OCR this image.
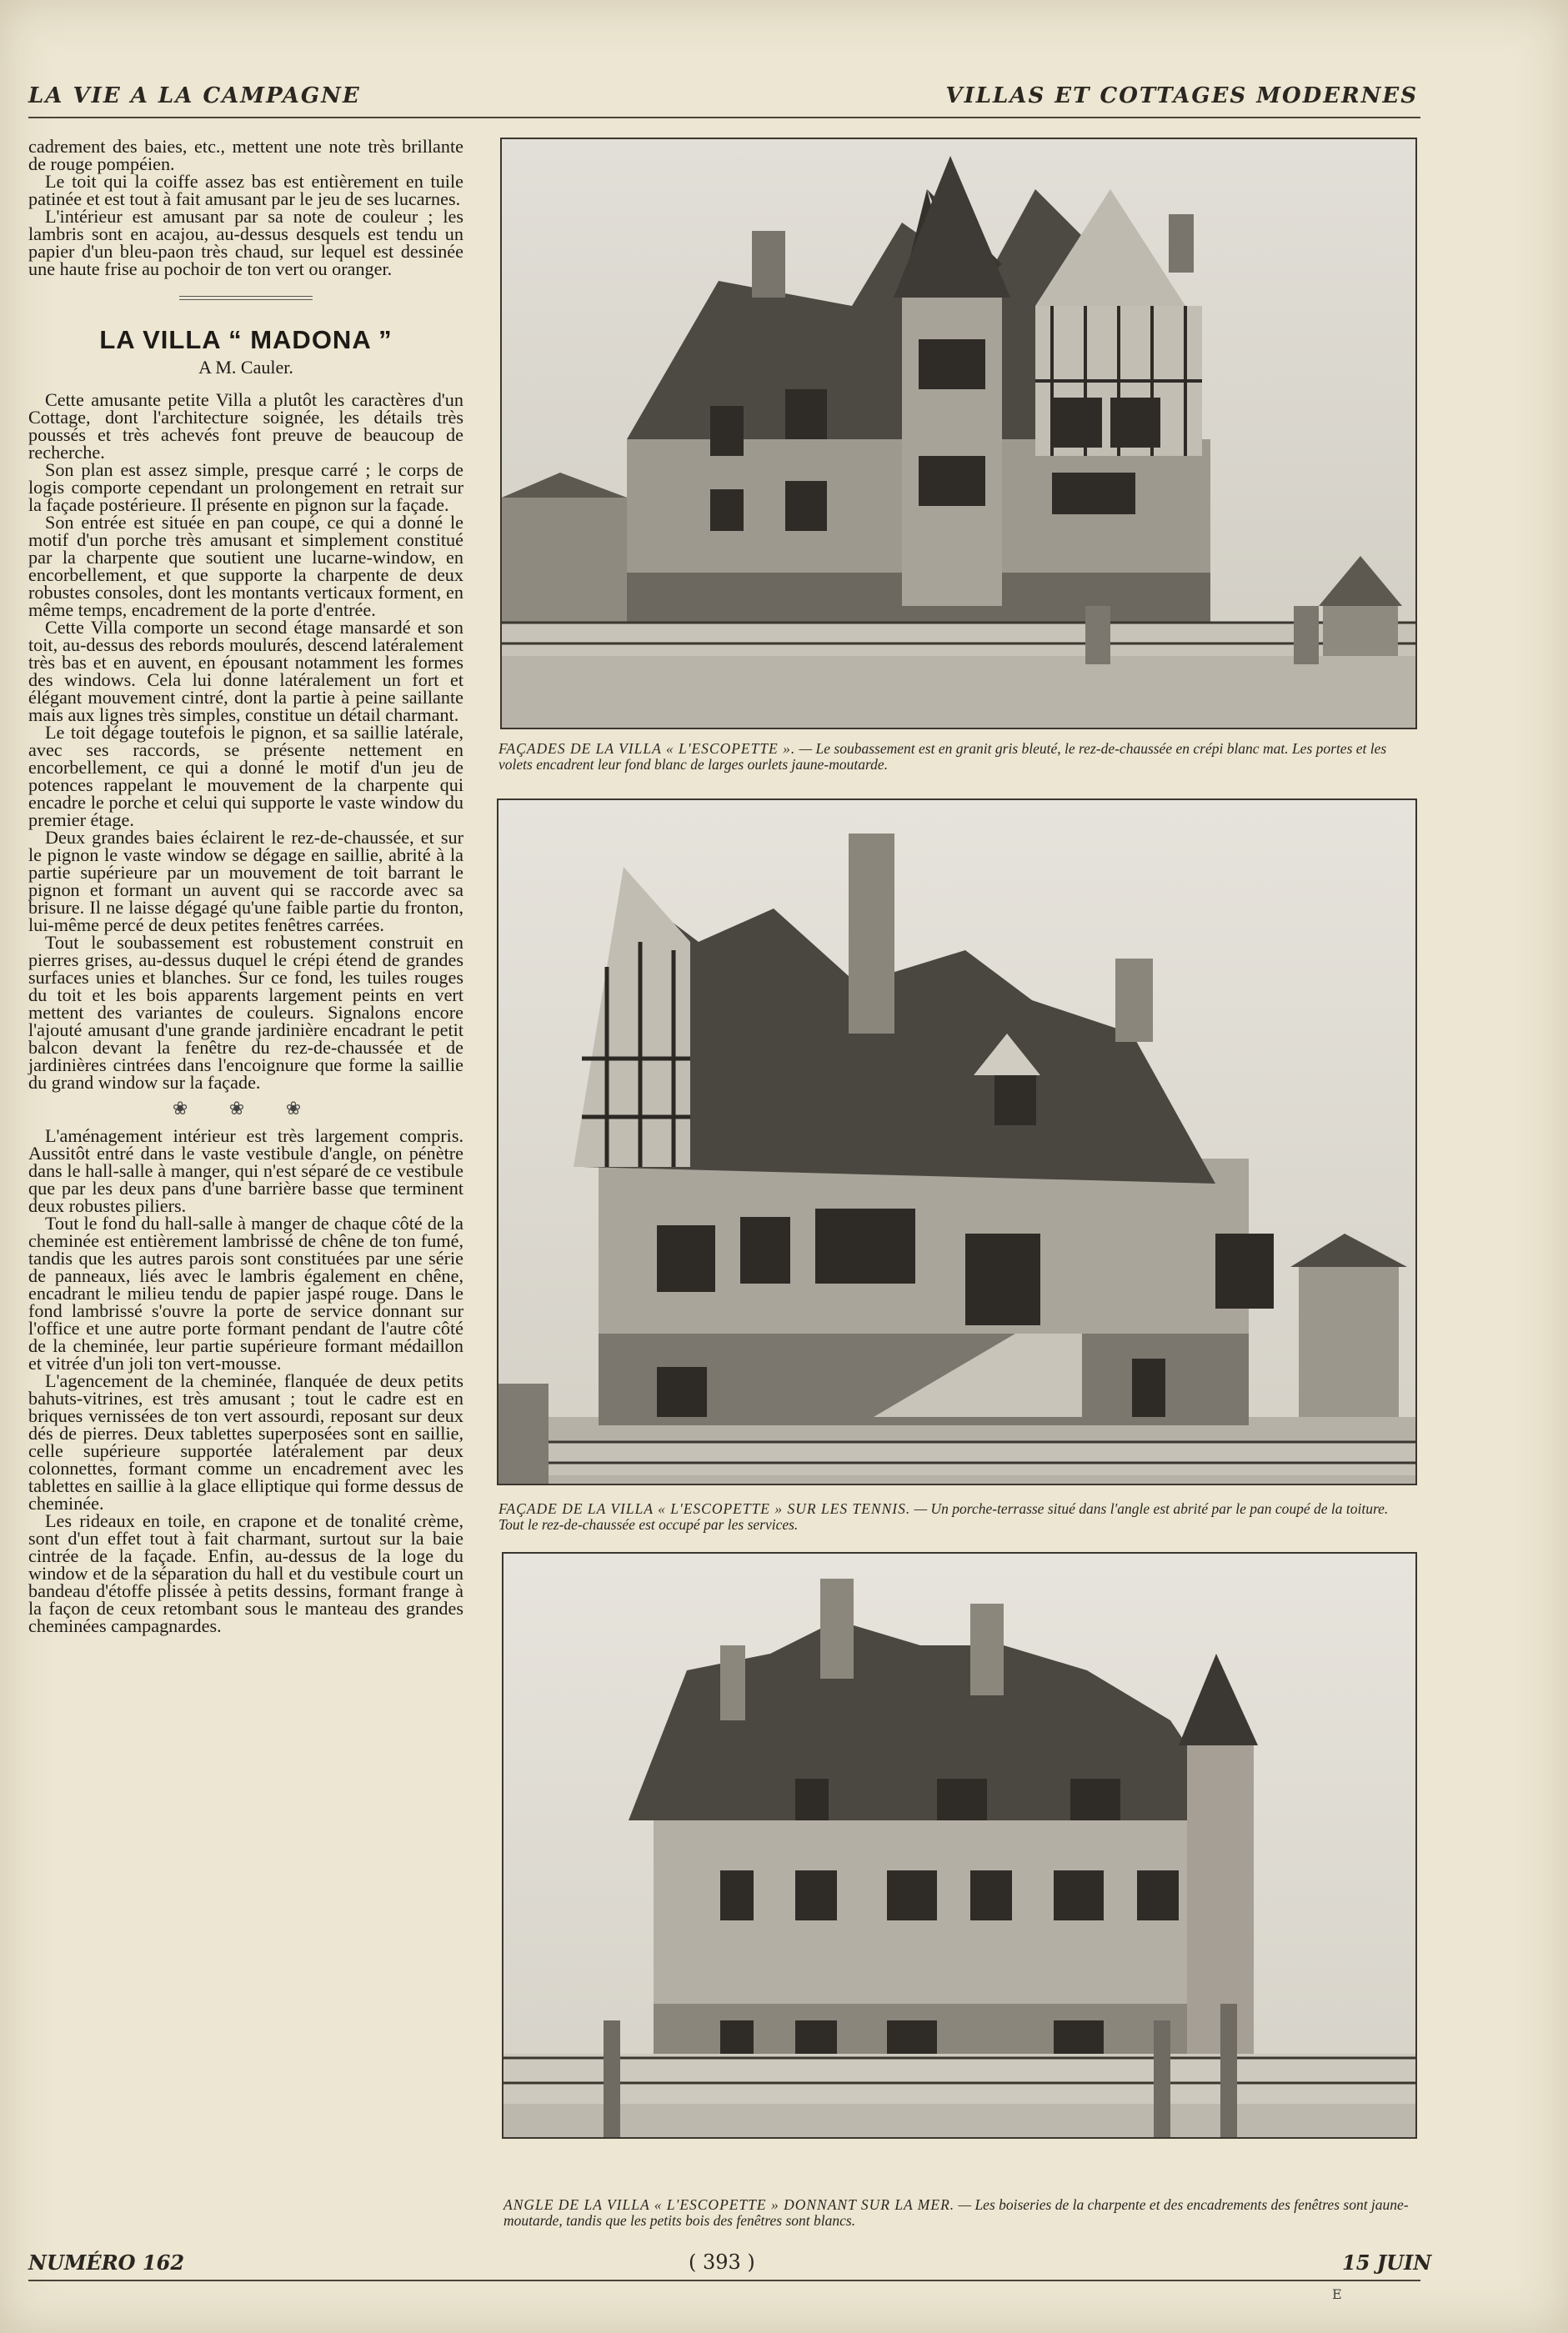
LA VIE A LA CAMPAGNE	VILLAS ET COTTAGES MODERNES

cadrement des baies, etc., mettent une note très brillante de rouge pompéien.

Le toit qui la coiffe assez bas est entièrement en tuile patinée et est tout à fait amusant par le jeu de ses lucarnes.

L'intérieur est amusant par sa note de couleur ; les lambris sont en acajou, au-dessus desquels est tendu un papier d'un bleu-paon très chaud, sur lequel est dessinée une haute frise au pochoir de ton vert ou oranger.

LA VILLA “ MADONA ”
A M. Cauler.

Cette amusante petite Villa a plutôt les caractères d'un Cottage, dont l'architecture soignée, les détails très poussés et très achevés font preuve de beaucoup de recherche.

Son plan est assez simple, presque carré ; le corps de logis comporte cependant un prolongement en retrait sur la façade postérieure. Il présente en pignon sur la façade.

Son entrée est située en pan coupé, ce qui a donné le motif d'un porche très amusant et simplement constitué par la charpente que soutient une lucarne-window, en encorbellement, et que supporte la charpente de deux robustes consoles, dont les montants verticaux forment, en même temps, encadrement de la porte d'entrée.

Cette Villa comporte un second étage mansardé et son toit, au-dessus des rebords moulurés, descend latéralement très bas et en auvent, en épousant notamment les formes des windows. Cela lui donne latéralement un fort et élégant mouvement cintré, dont la partie à peine saillante mais aux lignes très simples, constitue un détail charmant.

Le toit dégage toutefois le pignon, et sa saillie latérale, avec ses raccords, se présente nettement en encorbellement, ce qui a donné le motif d'un jeu de potences rappelant le mouvement de la charpente qui encadre le porche et celui qui supporte le vaste window du premier étage.

Deux grandes baies éclairent le rez-de-chaussée, et sur le pignon le vaste window se dégage en saillie, abrité à la partie supérieure par un mouvement de toit barrant le pignon et formant un auvent qui se raccorde avec sa brisure. Il ne laisse dégagé qu'une faible partie du fronton, lui-même percé de deux petites fenêtres carrées.

Tout le soubassement est robustement construit en pierres grises, au-dessus duquel le crépi étend de grandes surfaces unies et blanches. Sur ce fond, les tuiles rouges du toit et les bois apparents largement peints en vert mettent des variantes de couleurs. Signalons encore l'ajouté amusant d'une grande jardinière encadrant le petit balcon devant la fenêtre du rez-de-chaussée et de jardinières cintrées dans l'encoignure que forme la saillie du grand window sur la façade.

❀ ❀ ❀

L'aménagement intérieur est très largement compris. Aussitôt entré dans le vaste vestibule d'angle, on pénètre dans le hall-salle à manger, qui n'est séparé de ce vestibule que par les deux pans d'une barrière basse que terminent deux robustes piliers.

Tout le fond du hall-salle à manger de chaque côté de la cheminée est entièrement lambrissé de chêne de ton fumé, tandis que les autres parois sont constituées par une série de panneaux, liés avec le lambris également en chêne, encadrant le milieu tendu de papier jaspé rouge. Dans le fond lambrissé s'ouvre la porte de service donnant sur l'office et une autre porte formant pendant de l'autre côté de la cheminée, leur partie supérieure formant médaillon et vitrée d'un joli ton vert-mousse.

L'agencement de la cheminée, flanquée de deux petits bahuts-vitrines, est très amusant ; tout le cadre est en briques vernissées de ton vert assourdi, reposant sur deux dés de pierres. Deux tablettes superposées sont en saillie, celle supérieure supportée latéralement par deux colonnettes, formant comme un encadrement avec les tablettes en saillie à la glace elliptique qui forme dessus de cheminée.

Les rideaux en toile, en crapone et de tonalité crème, sont d'un effet tout à fait charmant, surtout sur la baie cintrée de la façade. Enfin, au-dessus de la loge du window et de la séparation du hall et du vestibule court un bandeau d'étoffe plissée à petits dessins, formant frange à la façon de ceux retombant sous le manteau des grandes cheminées campagnardes.

FAÇADES DE LA VILLA « L'ESCOPETTE ». — Le soubassement est en granit gris bleuté, le rez-de-chaussée en crépi blanc mat. Les portes et les volets encadrent leur fond blanc de larges ourlets jaune-moutarde.
FAÇADE DE LA VILLA « L'ESCOPETTE » SUR LES TENNIS. — Un porche-terrasse situé dans l'angle est abrité par le pan coupé de la toiture. Tout le rez-de-chaussée est occupé par les services.
ANGLE DE LA VILLA « L'ESCOPETTE » DONNANT SUR LA MER. — Les boiseries de la charpente et des encadrements des fenêtres sont jaune-moutarde, tandis que les petits bois des fenêtres sont blancs.
NUMÉRO 162	( 393 )	15 JUIN
E
